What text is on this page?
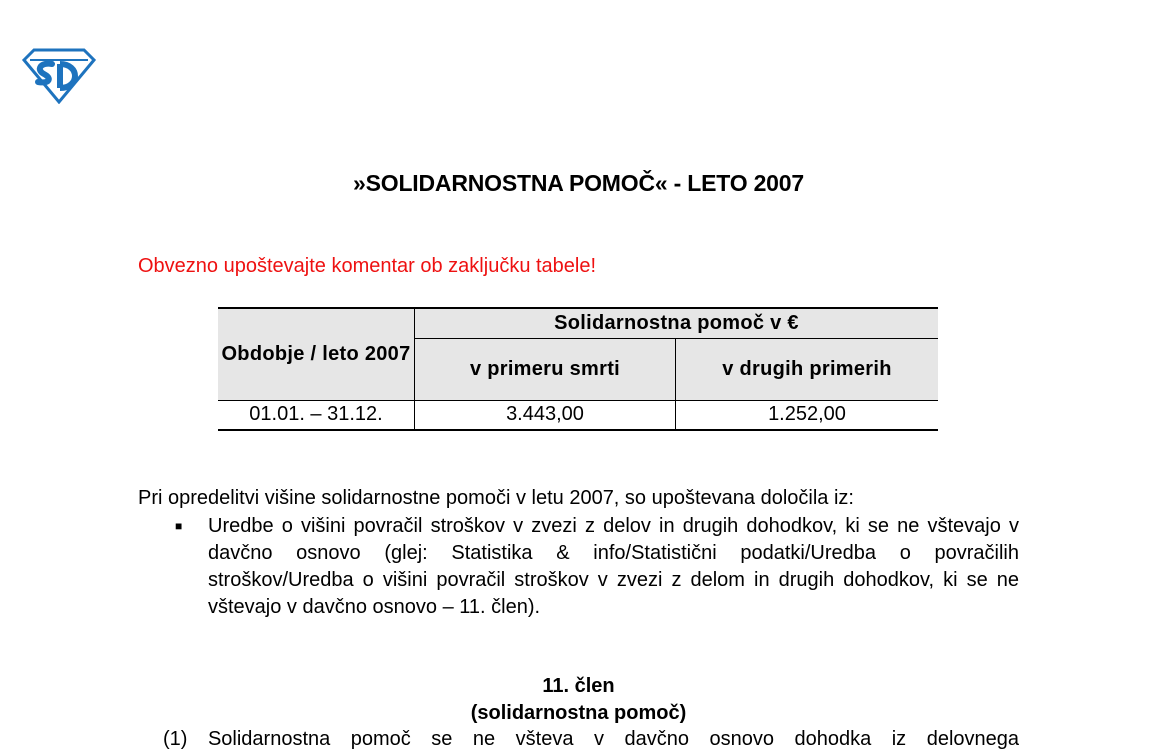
»SOLIDARNOSTNA POMOČ« - LETO 2007
Obvezno upoštevajte komentar ob zaključku tabele!
Obdobje / leto 2007	Solidarnostna pomoč v €	
	v primeru smrti	v drugih primerih
01.01. – 31.12.	3.443,00	1.252,00
Pri opredelitvi višine solidarnostne pomoči v letu 2007, so upoštevana določila iz:
■ Uredbe o višini povračil stroškov v zvezi z delov in drugih dohodkov, ki se ne vštevajo v davčno osnovo (glej: Statistika & info/Statistični podatki/Uredba o povračilih stroškov/Uredba o višini povračil stroškov v zvezi z delom in drugih dohodkov, ki se ne vštevajo v davčno osnovo – 11. člen).
11. člen
(solidarnostna pomoč)
(1) Solidarnostna pomoč se ne všteva v davčno osnovo dohodka iz delovnega
